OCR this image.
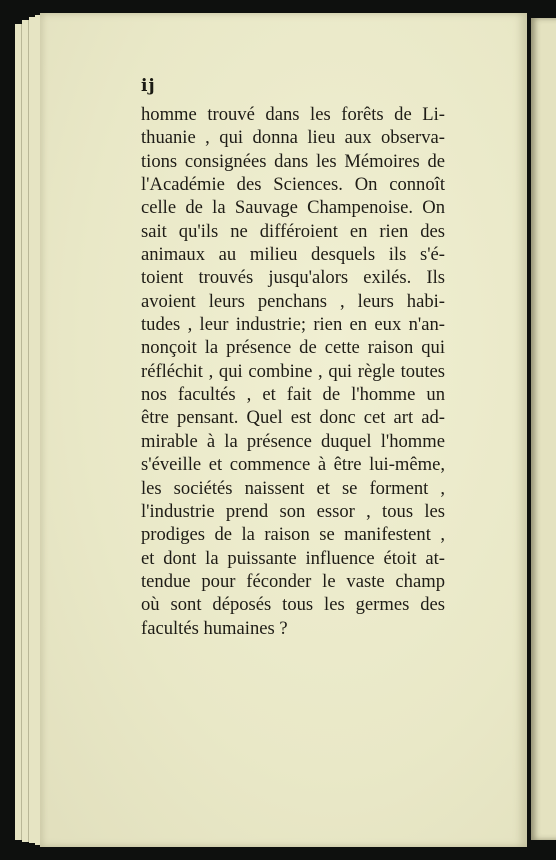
ij
homme trouvé dans les forêts de Li-
thuanie , qui donna lieu aux observa-
tions consignées dans les Mémoires de
l'Académie des Sciences. On connoît
celle de la Sauvage Champenoise. On
sait qu'ils ne différoient en rien des
animaux au milieu desquels ils s'é-
toient trouvés jusqu'alors exilés. Ils
avoient leurs penchans , leurs habi-
tudes , leur industrie; rien en eux n'an-
nonçoit la présence de cette raison qui
réfléchit , qui combine , qui règle toutes
nos facultés , et fait de l'homme un
être pensant. Quel est donc cet art ad-
mirable à la présence duquel l'homme
s'éveille et commence à être lui-même,
les sociétés naissent et se forment ,
l'industrie prend son essor , tous les
prodiges de la raison se manifestent ,
et dont la puissante influence étoit at-
tendue pour féconder le vaste champ
où sont déposés tous les germes des
facultés humaines ?
